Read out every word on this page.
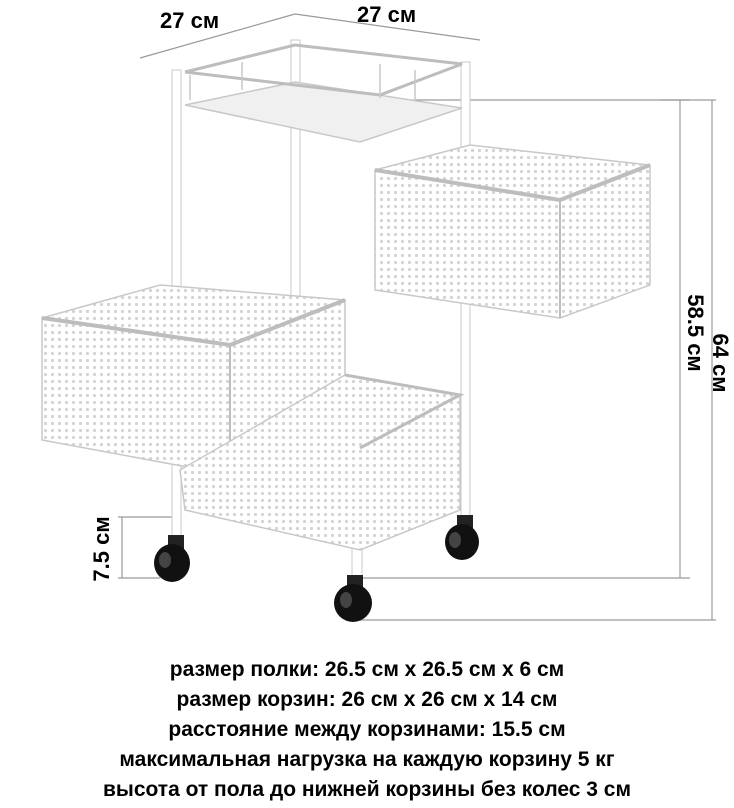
27 см	27 см
58.5 см 64 см
7.5 см
размер полки: 26.5 см х 26.5 см х 6 см
размер корзин: 26 см х 26 см х 14 см
расстояние между корзинами: 15.5 см
максимальная нагрузка на каждую корзину 5 кг
высота от пола до нижней корзины без колес 3 см
